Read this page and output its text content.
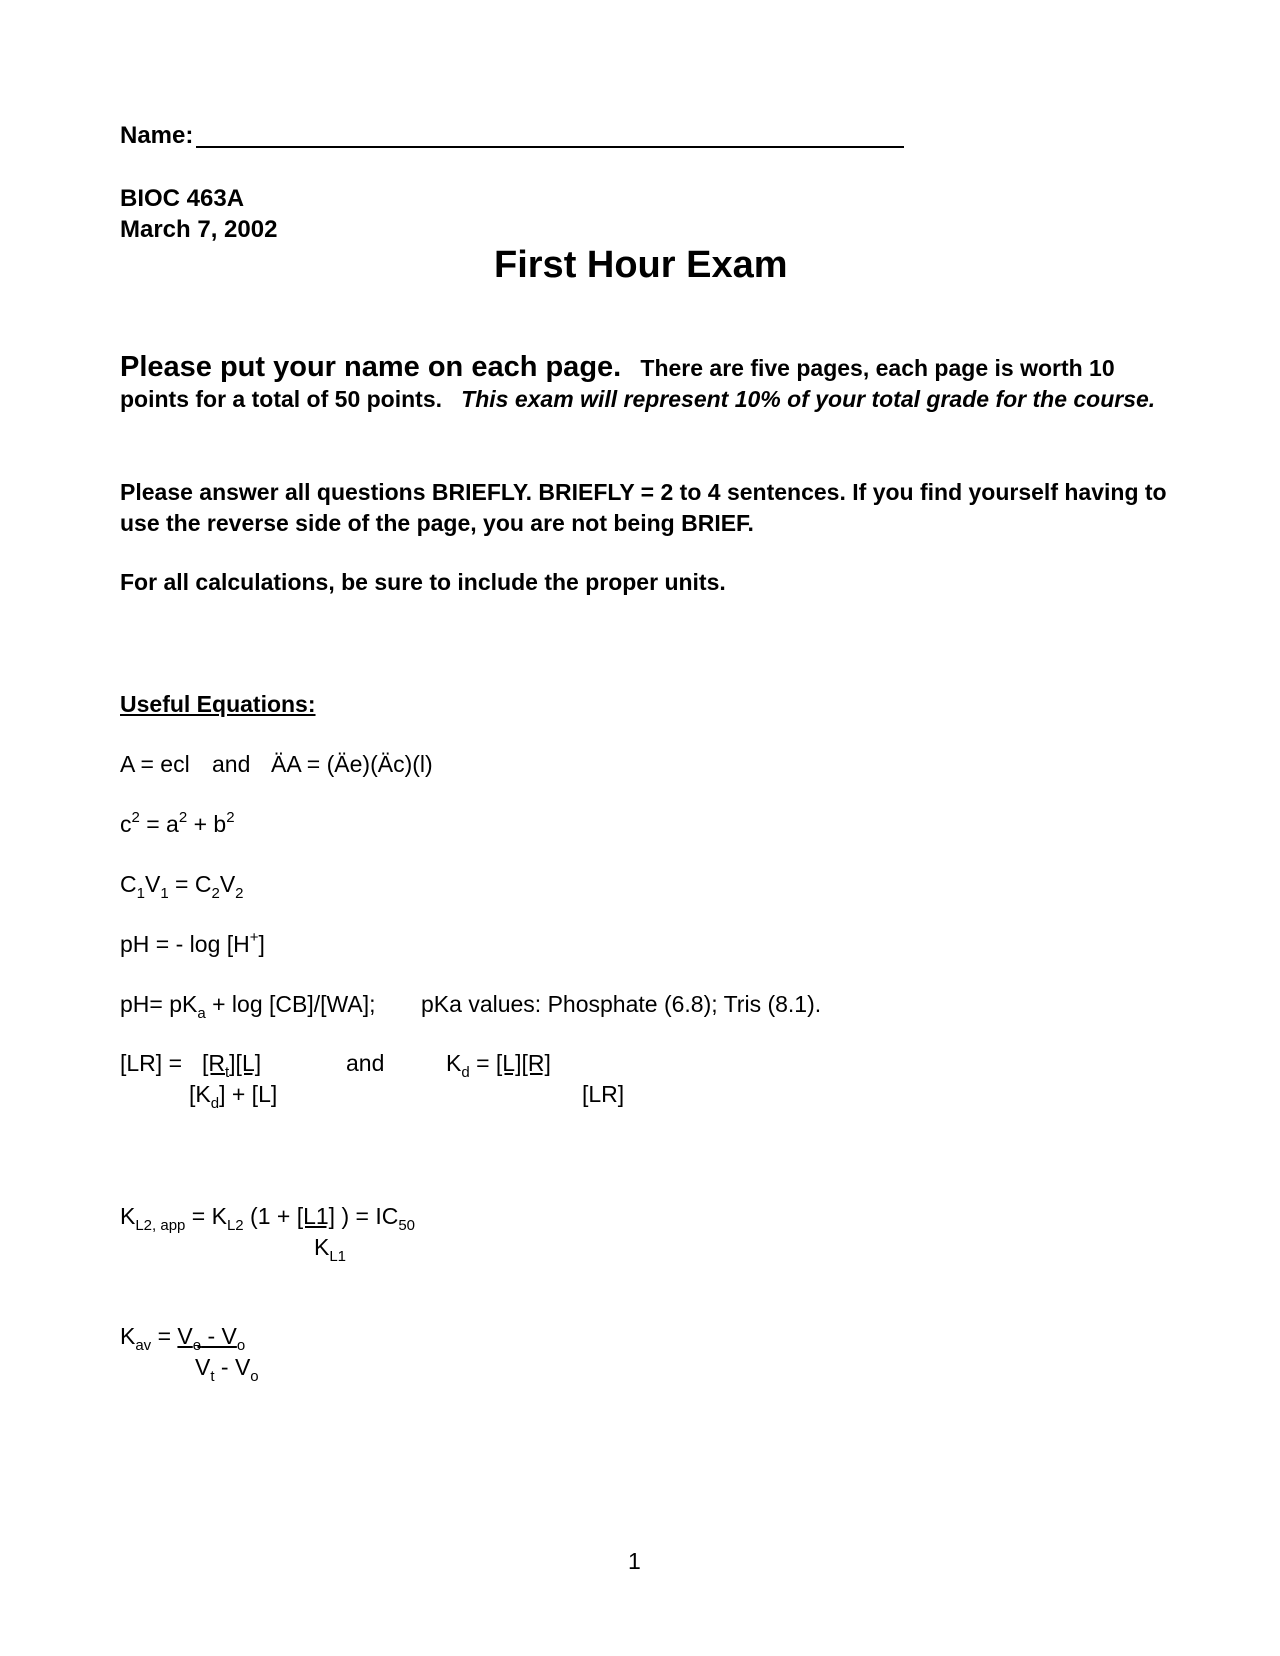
Name:
BIOC 463A
March 7, 2002
First Hour Exam
Please put your name on each page. There are five pages, each page is worth 10 points for a total of 50 points. This exam will represent 10% of your total grade for the course.
Please answer all questions BRIEFLY. BRIEFLY = 2 to 4 sentences. If you find yourself having to use the reverse side of the page, you are not being BRIEF.
For all calculations, be sure to include the proper units.
Useful Equations:
A = ecl and ÄA = (Äe)(Äc)(l)
$c^2 = a^2 + b^2$
$C_1V_1 = C_2V_2$
pH = - log [H+]
$pH= pK_a + \log [CB]/[WA]$; pKa values: Phosphate (6.8); Tris (8.1).
$[LR] = [R_t][L]$
$[K_d] + [L]$
and	$K_d = [L][R]$
[LR]
$K_{L2, app} = K_{L2}$ (1 + [L1] ) = $IC_{50}$
$K_{L1}$
$K_{av} = V_e - V_o$
$V_t - V_o$
1
